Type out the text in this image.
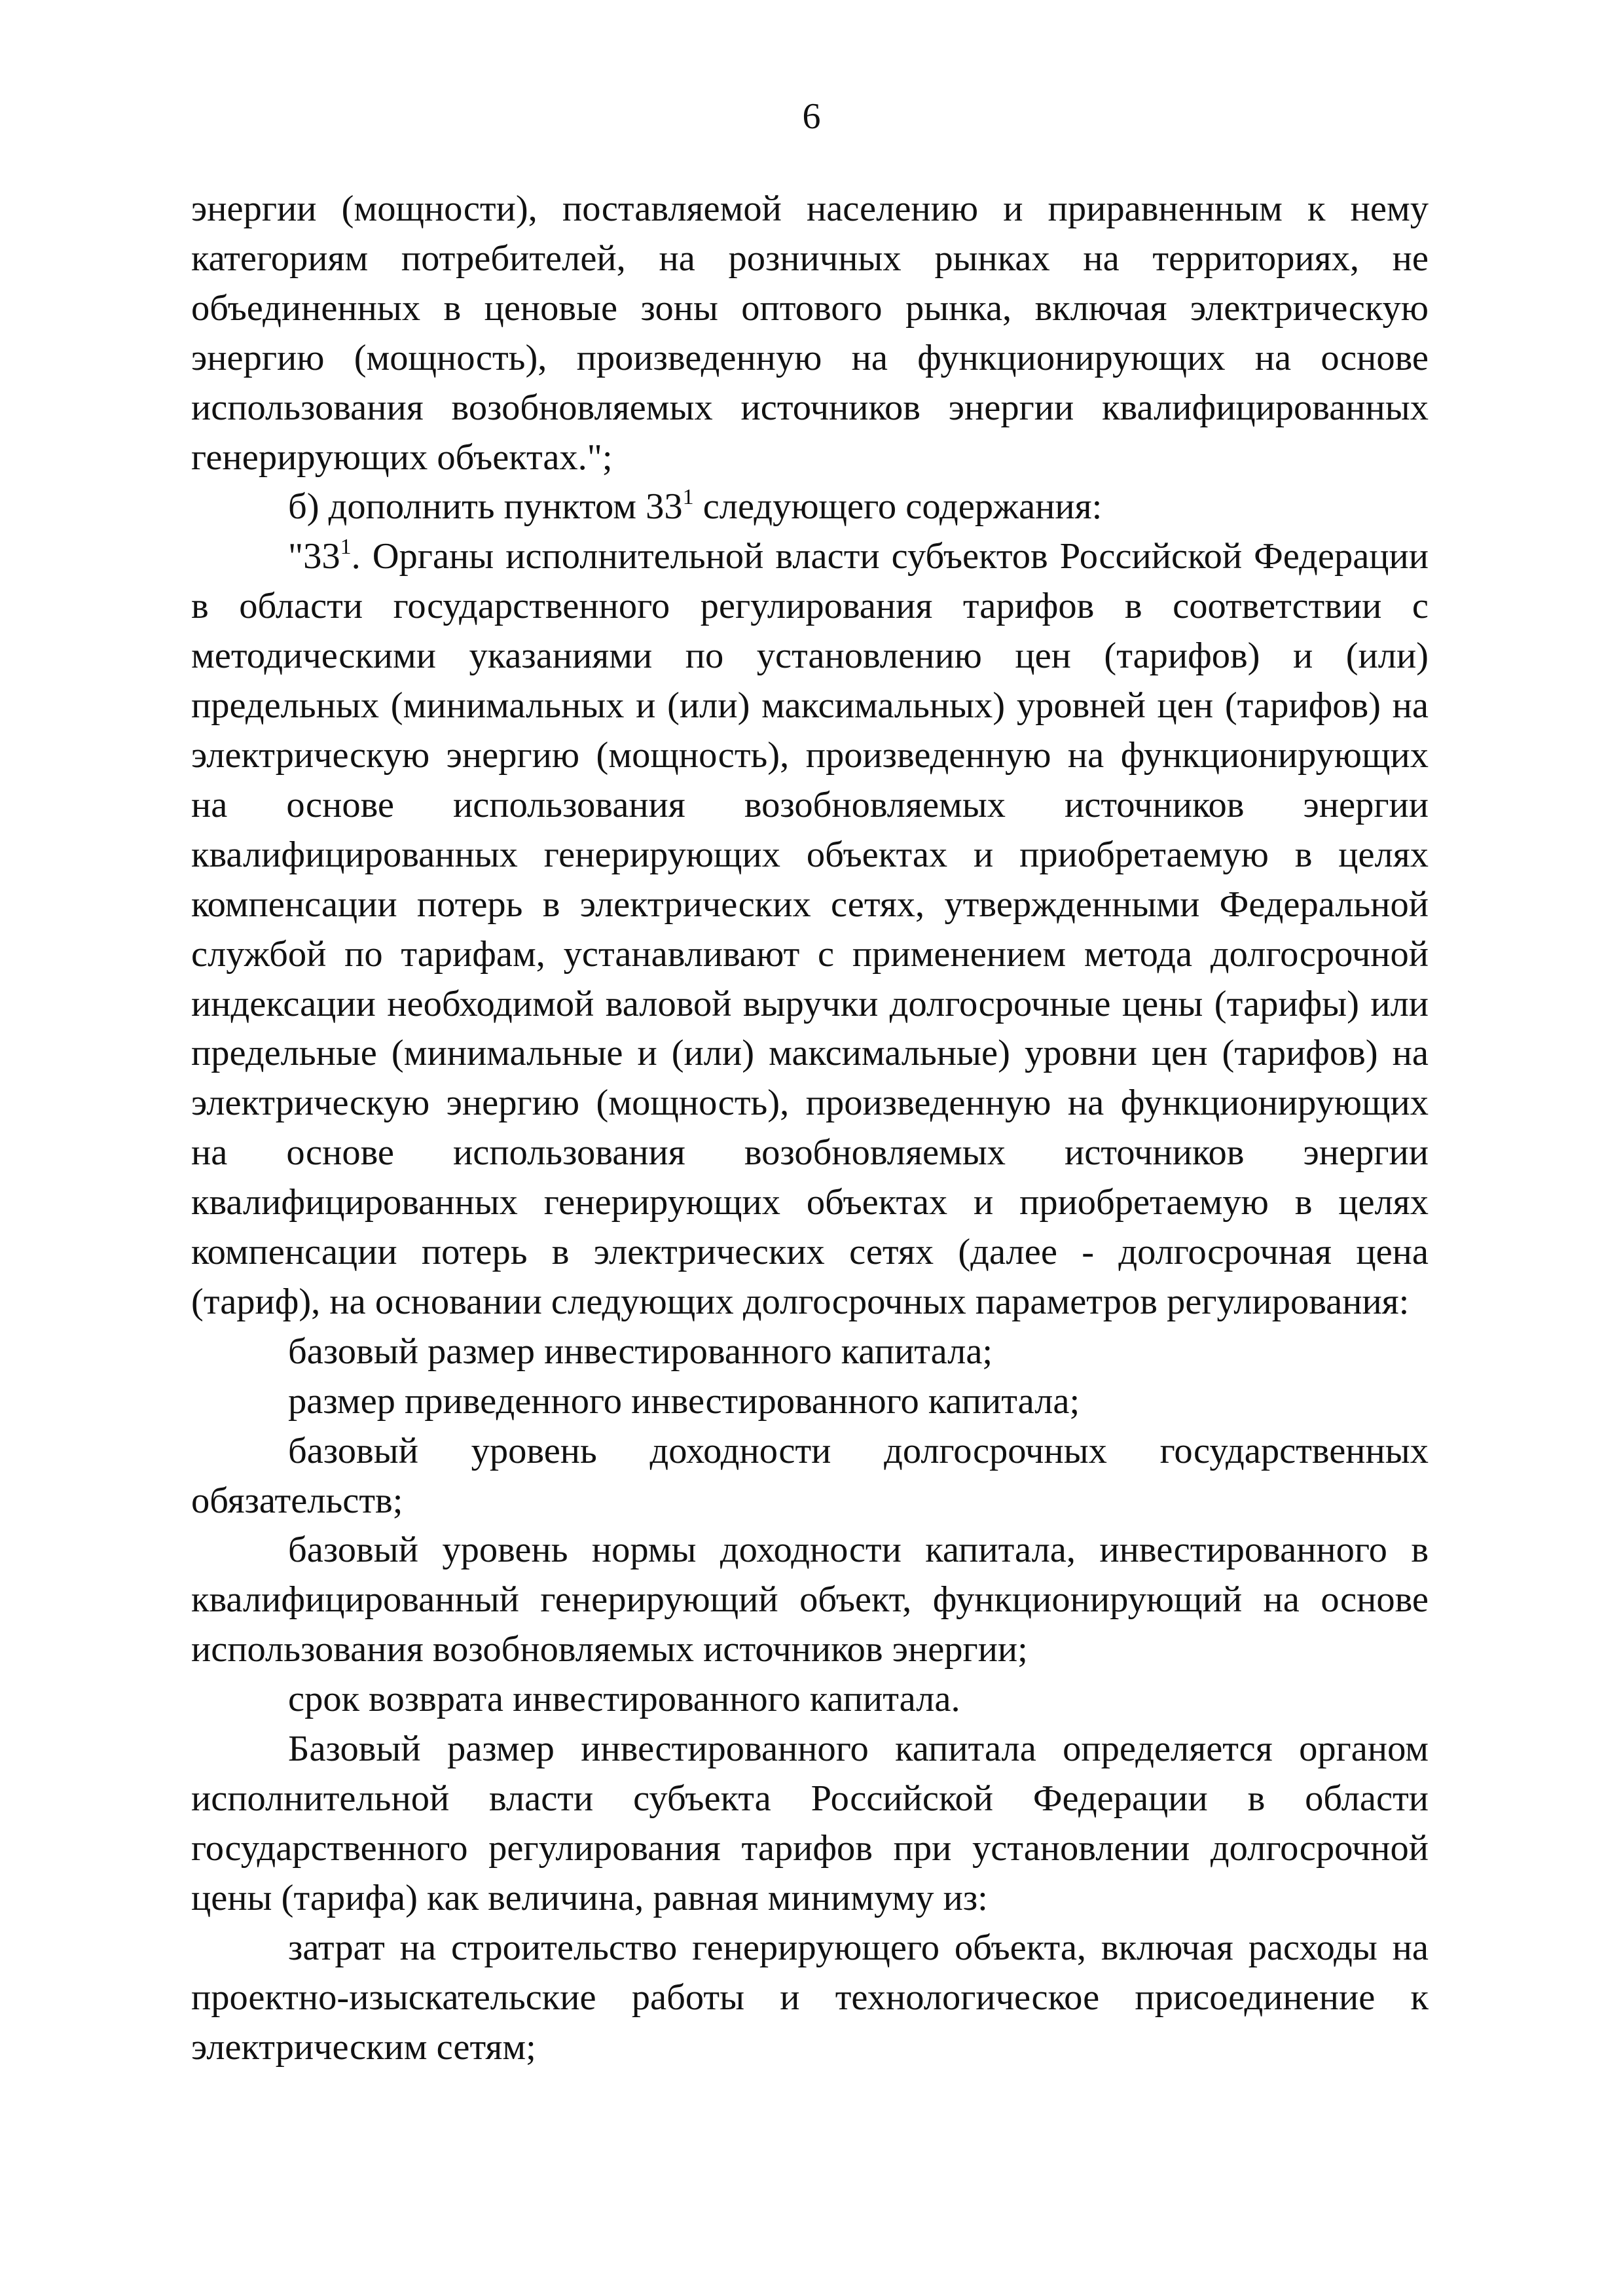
6

энергии (мощности), поставляемой населению и приравненным к нему категориям потребителей, на розничных рынках на территориях, не объединенных в ценовые зоны оптового рынка, включая электрическую энергию (мощность), произведенную на функционирующих на основе использования возобновляемых источников энергии квалифицированных генерирующих объектах.";

б) дополнить пунктом $33^1$ следующего содержания:

"$33^1$. Органы исполнительной власти субъектов Российской Федерации в области государственного регулирования тарифов в соответствии с методическими указаниями по установлению цен (тарифов) и (или) предельных (минимальных и (или) максимальных) уровней цен (тарифов) на электрическую энергию (мощность), произведенную на функционирующих на основе использования возобновляемых источников энергии квалифицированных генерирующих объектах и приобретаемую в целях компенсации потерь в электрических сетях, утвержденными Федеральной службой по тарифам, устанавливают с применением метода долгосрочной индексации необходимой валовой выручки долгосрочные цены (тарифы) или предельные (минимальные и (или) максимальные) уровни цен (тарифов) на электрическую энергию (мощность), произведенную на функционирующих на основе использования возобновляемых источников энергии квалифицированных генерирующих объектах и приобретаемую в целях компенсации потерь в электрических сетях (далее - долгосрочная цена (тариф), на основании следующих долгосрочных параметров регулирования:

базовый размер инвестированного капитала;

размер приведенного инвестированного капитала;

базовый уровень доходности долгосрочных государственных обязательств;

базовый уровень нормы доходности капитала, инвестированного в квалифицированный генерирующий объект, функционирующий на основе использования возобновляемых источников энергии;

срок возврата инвестированного капитала.

Базовый размер инвестированного капитала определяется органом исполнительной власти субъекта Российской Федерации в области государственного регулирования тарифов при установлении долгосрочной цены (тарифа) как величина, равная минимуму из:

затрат на строительство генерирующего объекта, включая расходы на проектно-изыскательские работы и технологическое присоединение к электрическим сетям;
